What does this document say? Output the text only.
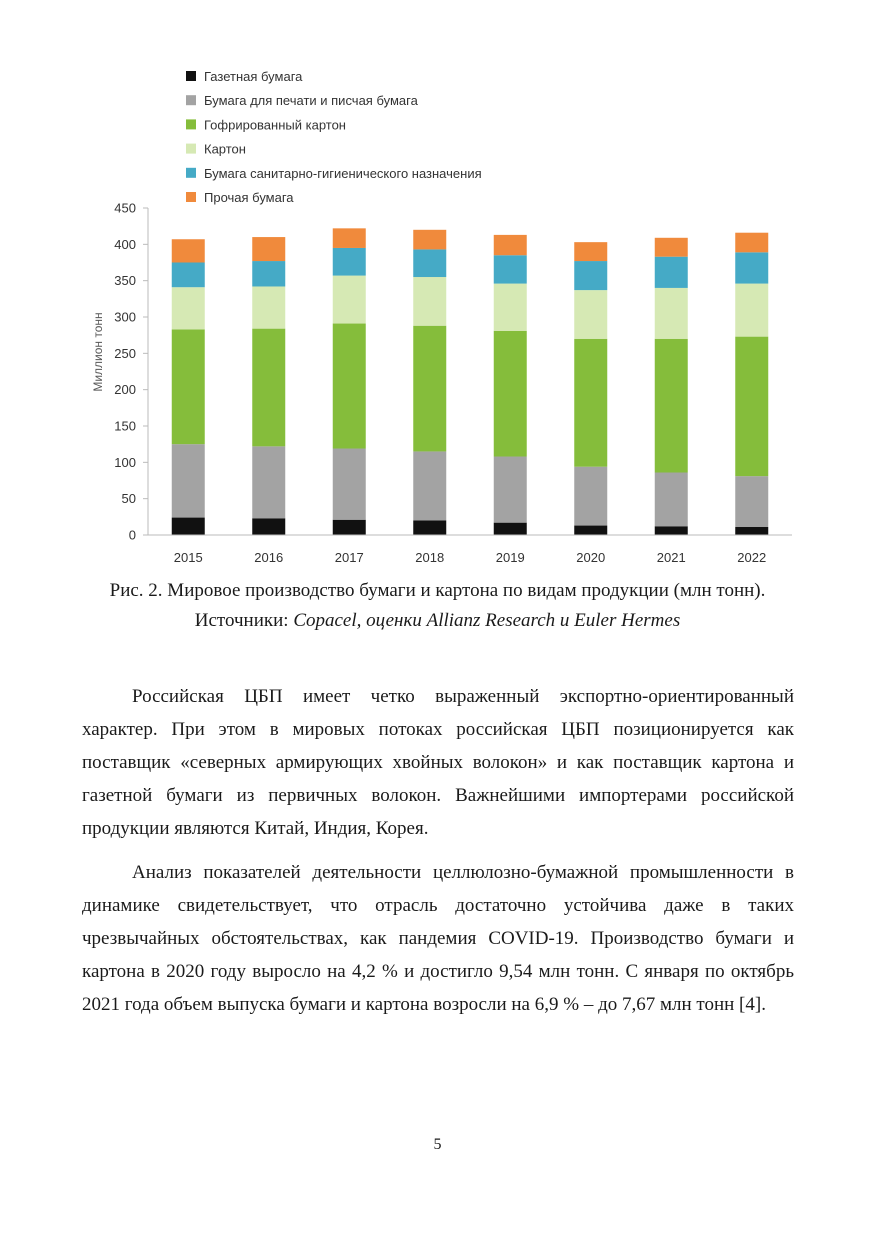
Газетная бумага
Бумага для печати и писчая бумага
Гофрированный картон
Картон
Бумага санитарно-гигиенического назначения
Прочая бумага
0
50
100
150
200
250
300
350
400
450
2015	2016	2017	2018	2019	2020	2021	2022
Миллион тонн
Рис. 2. Мировое производство бумаги и картона по видам продукции (млн тонн).
Источники: Copacel, оценки Allianz Research и Euler Hermes

Российская ЦБП имеет четко выраженный экспортно-ориентированный характер. При этом в мировых потоках российская ЦБП позиционируется как поставщик «северных армирующих хвойных волокон» и как поставщик картона и газетной бумаги из первичных волокон. Важнейшими импортерами российской продукции являются Китай, Индия, Корея.

Анализ показателей деятельности целлюлозно-бумажной промышленности в динамике свидетельствует, что отрасль достаточно устойчива даже в таких чрезвычайных обстоятельствах, как пандемия COVID-19. Производство бумаги и картона в 2020 году выросло на 4,2 % и достигло 9,54 млн тонн. С января по октябрь 2021 года объем выпуска бумаги и картона возросли на 6,9 % – до 7,67 млн тонн [4].

5
